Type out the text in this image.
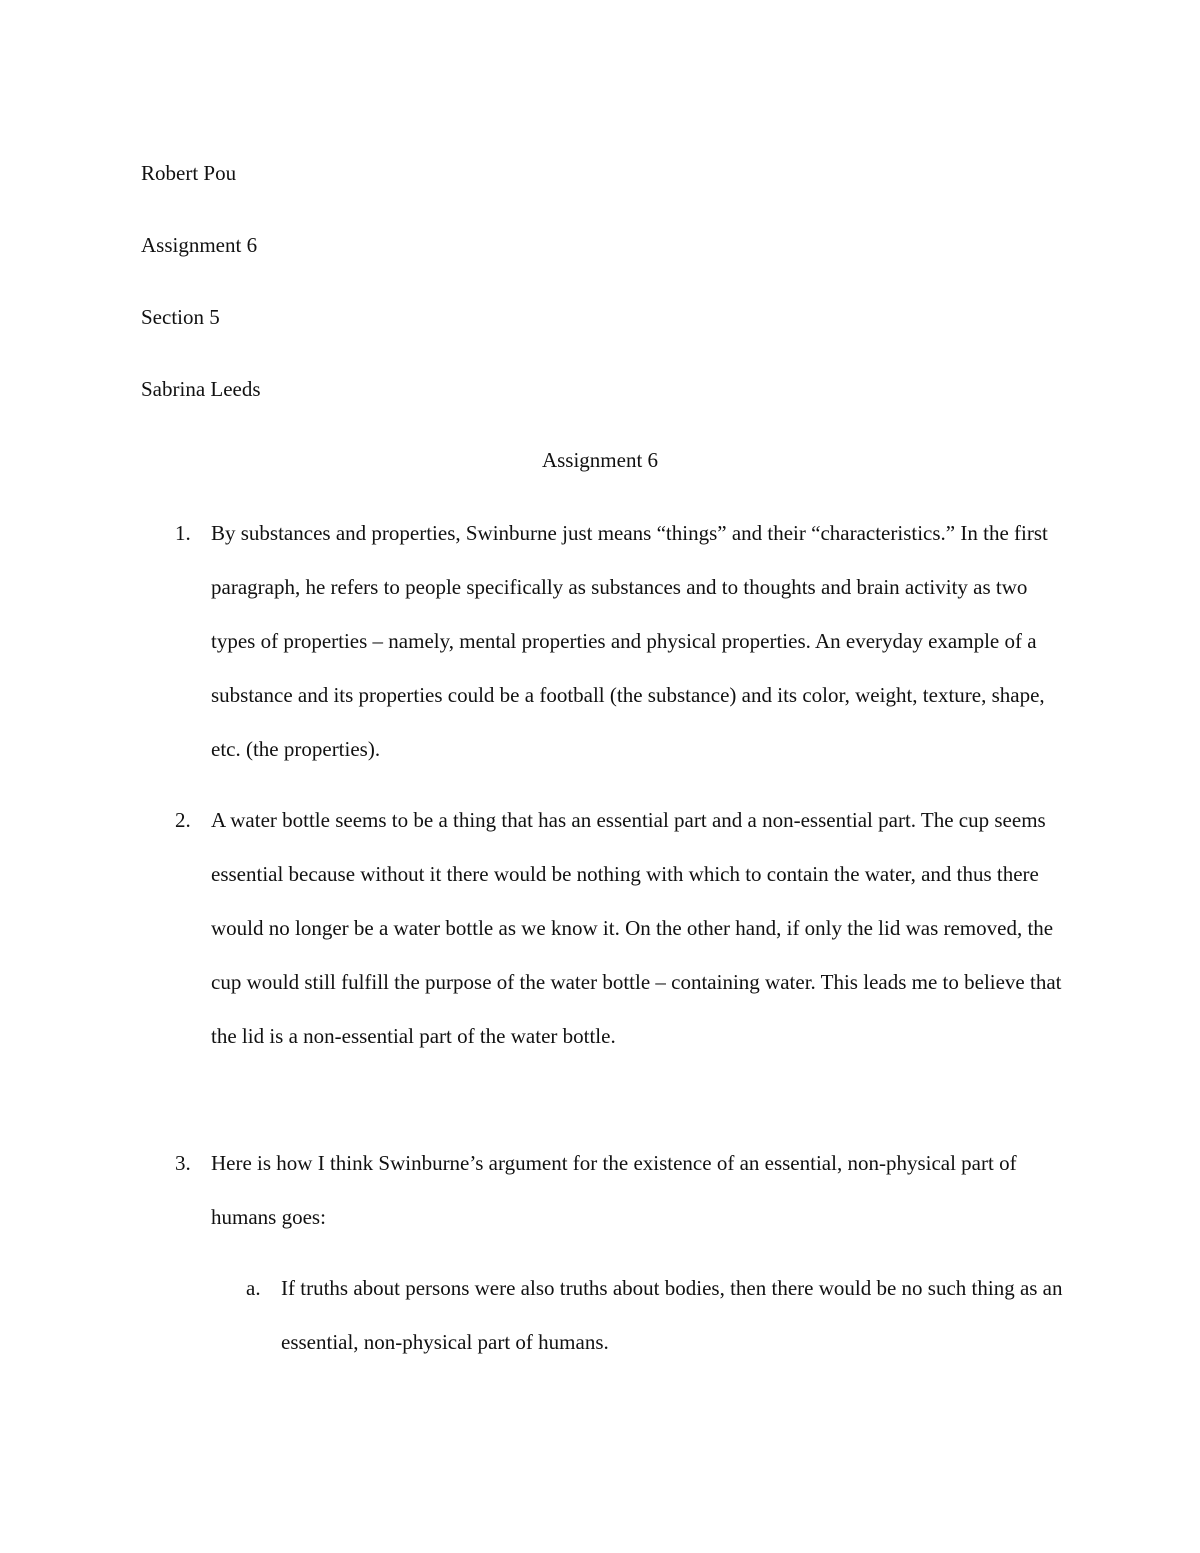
Robert Pou
Assignment 6
Section 5
Sabrina Leeds
Assignment 6
1. By substances and properties, Swinburne just means “things” and their “characteristics.” In the first paragraph, he refers to people specifically as substances and to thoughts and brain activity as two types of properties – namely, mental properties and physical properties. An everyday example of a substance and its properties could be a football (the substance) and its color, weight, texture, shape, etc. (the properties).
2. A water bottle seems to be a thing that has an essential part and a non-essential part. The cup seems essential because without it there would be nothing with which to contain the water, and thus there would no longer be a water bottle as we know it. On the other hand, if only the lid was removed, the cup would still fulfill the purpose of the water bottle – containing water. This leads me to believe that the lid is a non-essential part of the water bottle.
3. Here is how I think Swinburne’s argument for the existence of an essential, non-physical part of humans goes:
a. If truths about persons were also truths about bodies, then there would be no such thing as an essential, non-physical part of humans.
